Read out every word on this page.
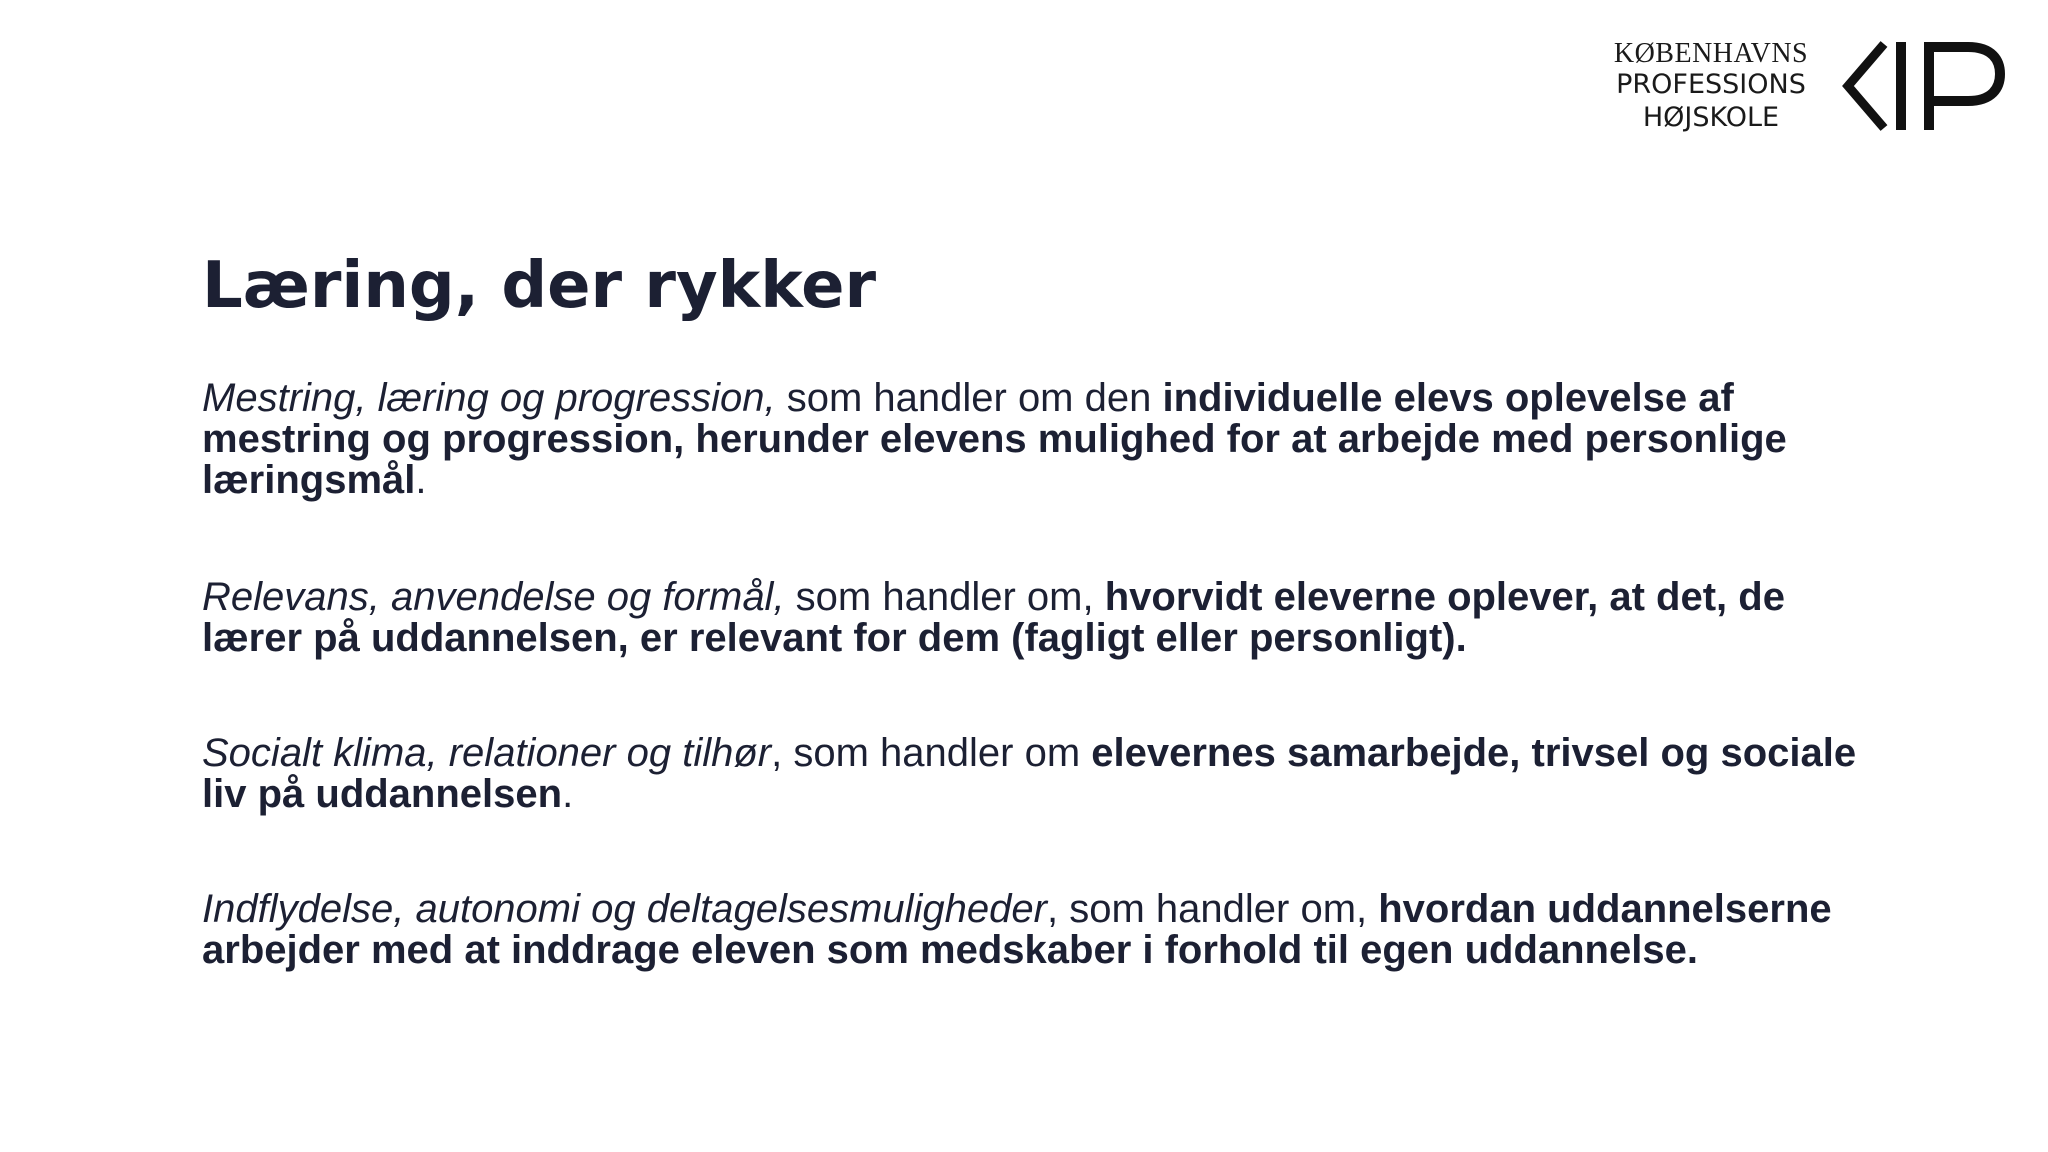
KØBENHAVNS
PROFESSIONS
HØJSKOLE
Læring, der rykker

Mestring, læring og progression, som handler om den individuelle elevs oplevelse af mestring og progression, herunder elevens mulighed for at arbejde med personlige læringsmål.

Relevans, anvendelse og formål, som handler om, hvorvidt eleverne oplever, at det, de lærer på uddannelsen, er relevant for dem (fagligt eller personligt).

Socialt klima, relationer og tilhør, som handler om elevernes samarbejde, trivsel og sociale liv på uddannelsen.

Indflydelse, autonomi og deltagelsesmuligheder, som handler om, hvordan uddannelserne arbejder med at inddrage eleven som medskaber i forhold til egen uddannelse.
